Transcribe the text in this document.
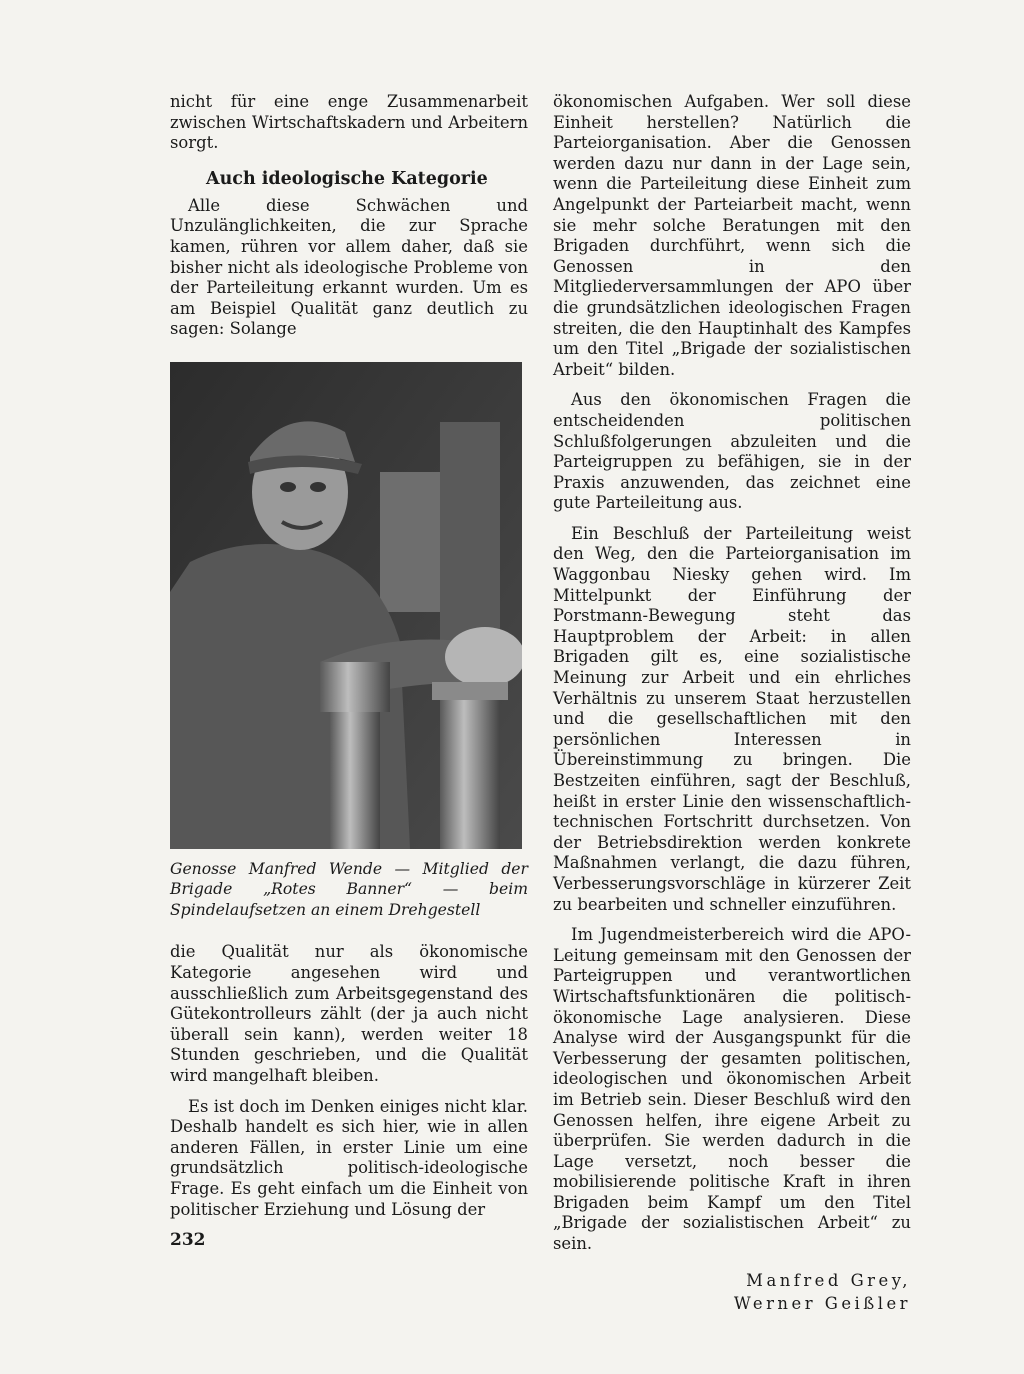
nicht für eine enge Zusammenarbeit zwischen Wirtschaftskadern und Arbeitern sorgt.

Auch ideologische Kategorie

Alle diese Schwächen und Unzulänglichkeiten, die zur Sprache kamen, rühren vor allem daher, daß sie bisher nicht als ideologische Probleme von der Parteileitung erkannt wurden. Um es am Beispiel Qualität ganz deutlich zu sagen: Solange

Genosse Manfred Wende — Mitglied der Brigade „Rotes Banner“ — beim Spindelaufsetzen an einem Drehgestell

die Qualität nur als ökonomische Kategorie angesehen wird und ausschließlich zum Arbeitsgegenstand des Gütekontrolleurs zählt (der ja auch nicht überall sein kann), werden weiter 18 Stunden geschrieben, und die Qualität wird mangelhaft bleiben.

Es ist doch im Denken einiges nicht klar. Deshalb handelt es sich hier, wie in allen anderen Fällen, in erster Linie um eine grundsätzlich politisch-ideologische Frage. Es geht einfach um die Einheit von politischer Erziehung und Lösung der

ökonomischen Aufgaben. Wer soll diese Einheit herstellen? Natürlich die Parteiorganisation. Aber die Genossen werden dazu nur dann in der Lage sein, wenn die Parteileitung diese Einheit zum Angelpunkt der Parteiarbeit macht, wenn sie mehr solche Beratungen mit den Brigaden durchführt, wenn sich die Genossen in den Mitgliederversammlungen der APO über die grundsätzlichen ideologischen Fragen streiten, die den Hauptinhalt des Kampfes um den Titel „Brigade der sozialistischen Arbeit“ bilden.

Aus den ökonomischen Fragen die entscheidenden politischen Schlußfolgerungen abzuleiten und die Parteigruppen zu befähigen, sie in der Praxis anzuwenden, das zeichnet eine gute Parteileitung aus.

Ein Beschluß der Parteileitung weist den Weg, den die Parteiorganisation im Waggonbau Niesky gehen wird. Im Mittelpunkt der Einführung der Porstmann-Bewegung steht das Hauptproblem der Arbeit: in allen Brigaden gilt es, eine sozialistische Meinung zur Arbeit und ein ehrliches Verhältnis zu unserem Staat herzustellen und die gesellschaftlichen mit den persönlichen Interessen in Übereinstimmung zu bringen. Die Bestzeiten einführen, sagt der Beschluß, heißt in erster Linie den wissenschaftlich-technischen Fortschritt durchsetzen. Von der Betriebsdirektion werden konkrete Maßnahmen verlangt, die dazu führen, Verbesserungsvorschläge in kürzerer Zeit zu bearbeiten und schneller einzuführen.

Im Jugendmeisterbereich wird die APO-Leitung gemeinsam mit den Genossen der Parteigruppen und verantwortlichen Wirtschaftsfunktionären die politisch-ökonomische Lage analysieren. Diese Analyse wird der Ausgangspunkt für die Verbesserung der gesamten politischen, ideologischen und ökonomischen Arbeit im Betrieb sein. Dieser Beschluß wird den Genossen helfen, ihre eigene Arbeit zu überprüfen. Sie werden dadurch in die Lage versetzt, noch besser die mobilisierende politische Kraft in ihren Brigaden beim Kampf um den Titel „Brigade der sozialistischen Arbeit“ zu sein.

Manfred Grey,
Werner Geißler
232
